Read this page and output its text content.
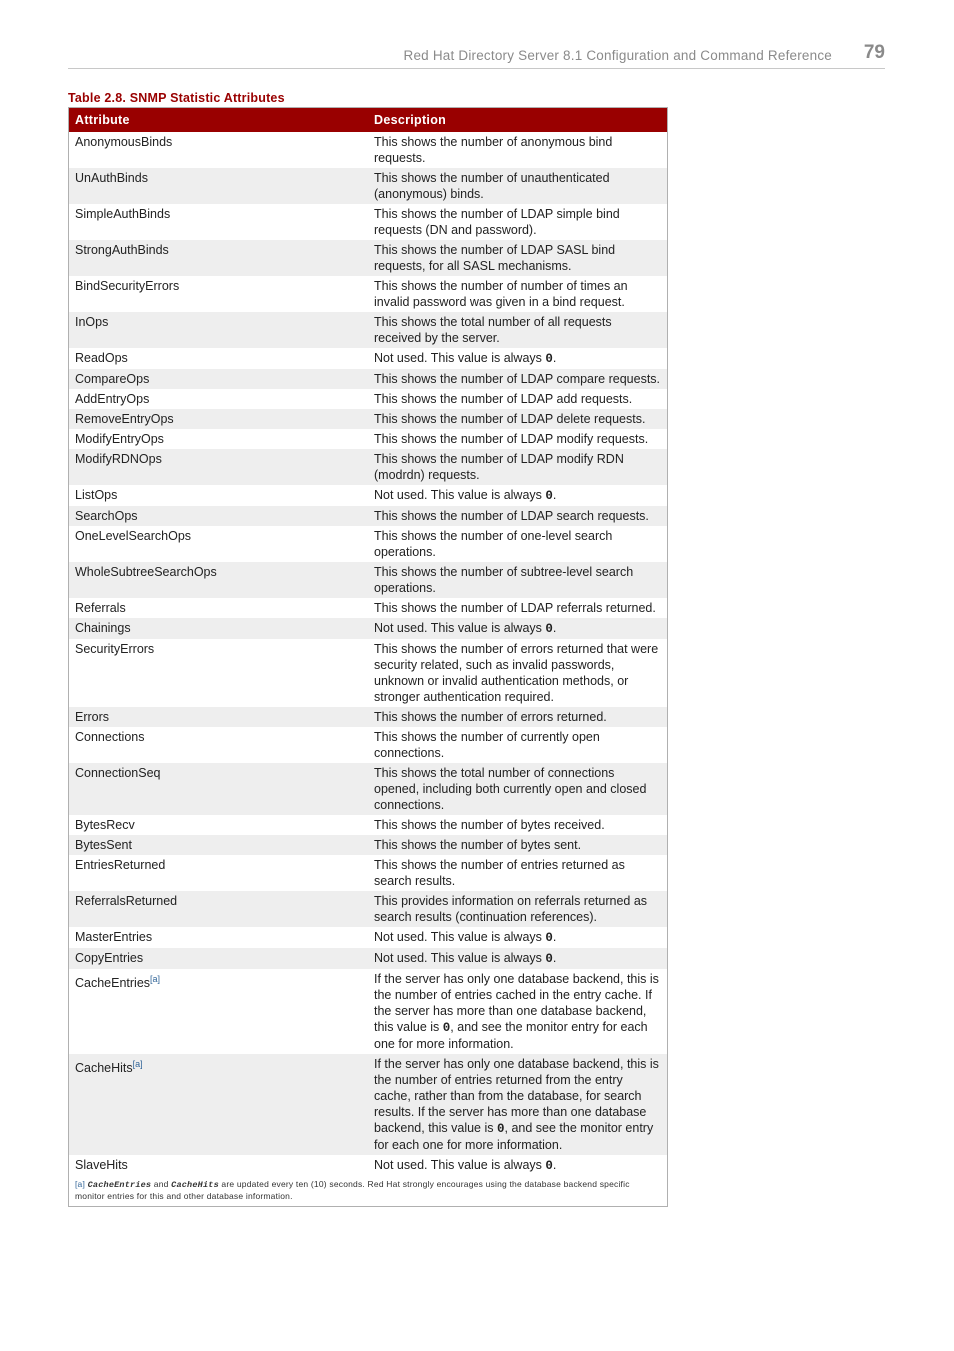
Red Hat Directory Server 8.1 Configuration and Command Reference 79
Table 2.8. SNMP Statistic Attributes
Attribute	Description
AnonymousBinds	This shows the number of anonymous bind requests.
UnAuthBinds	This shows the number of unauthenticated (anonymous) binds.
SimpleAuthBinds	This shows the number of LDAP simple bind requests (DN and password).
StrongAuthBinds	This shows the number of LDAP SASL bind requests, for all SASL mechanisms.
BindSecurityErrors	This shows the number of number of times an invalid password was given in a bind request.
InOps	This shows the total number of all requests received by the server.
ReadOps	Not used. This value is always 0.
CompareOps	This shows the number of LDAP compare requests.
AddEntryOps	This shows the number of LDAP add requests.
RemoveEntryOps	This shows the number of LDAP delete requests.
ModifyEntryOps	This shows the number of LDAP modify requests.
ModifyRDNOps	This shows the number of LDAP modify RDN (modrdn) requests.
ListOps	Not used. This value is always 0.
SearchOps	This shows the number of LDAP search requests.
OneLevelSearchOps	This shows the number of one-level search operations.
WholeSubtreeSearchOps	This shows the number of subtree-level search operations.
Referrals	This shows the number of LDAP referrals returned.
Chainings	Not used. This value is always 0.
SecurityErrors	This shows the number of errors returned that were security related, such as invalid passwords, unknown or invalid authentication methods, or stronger authentication required.
Errors	This shows the number of errors returned.
Connections	This shows the number of currently open connections.
ConnectionSeq	This shows the total number of connections opened, including both currently open and closed connections.
BytesRecv	This shows the number of bytes received.
BytesSent	This shows the number of bytes sent.
EntriesReturned	This shows the number of entries returned as search results.
ReferralsReturned	This provides information on referrals returned as search results (continuation references).
MasterEntries	Not used. This value is always 0.
CopyEntries	Not used. This value is always 0.
CacheEntries[a]	If the server has only one database backend, this is the number of entries cached in the entry cache. If the server has more than one database backend, this value is 0, and see the monitor entry for each one for more information.
CacheHits[a]	If the server has only one database backend, this is the number of entries returned from the entry cache, rather than from the database, for search results. If the server has more than one database backend, this value is 0, and see the monitor entry for each one for more information.
SlaveHits	Not used. This value is always 0.
[a] CacheEntries and CacheHits are updated every ten (10) seconds. Red Hat strongly encourages using the database backend specific monitor entries for this and other database information.
